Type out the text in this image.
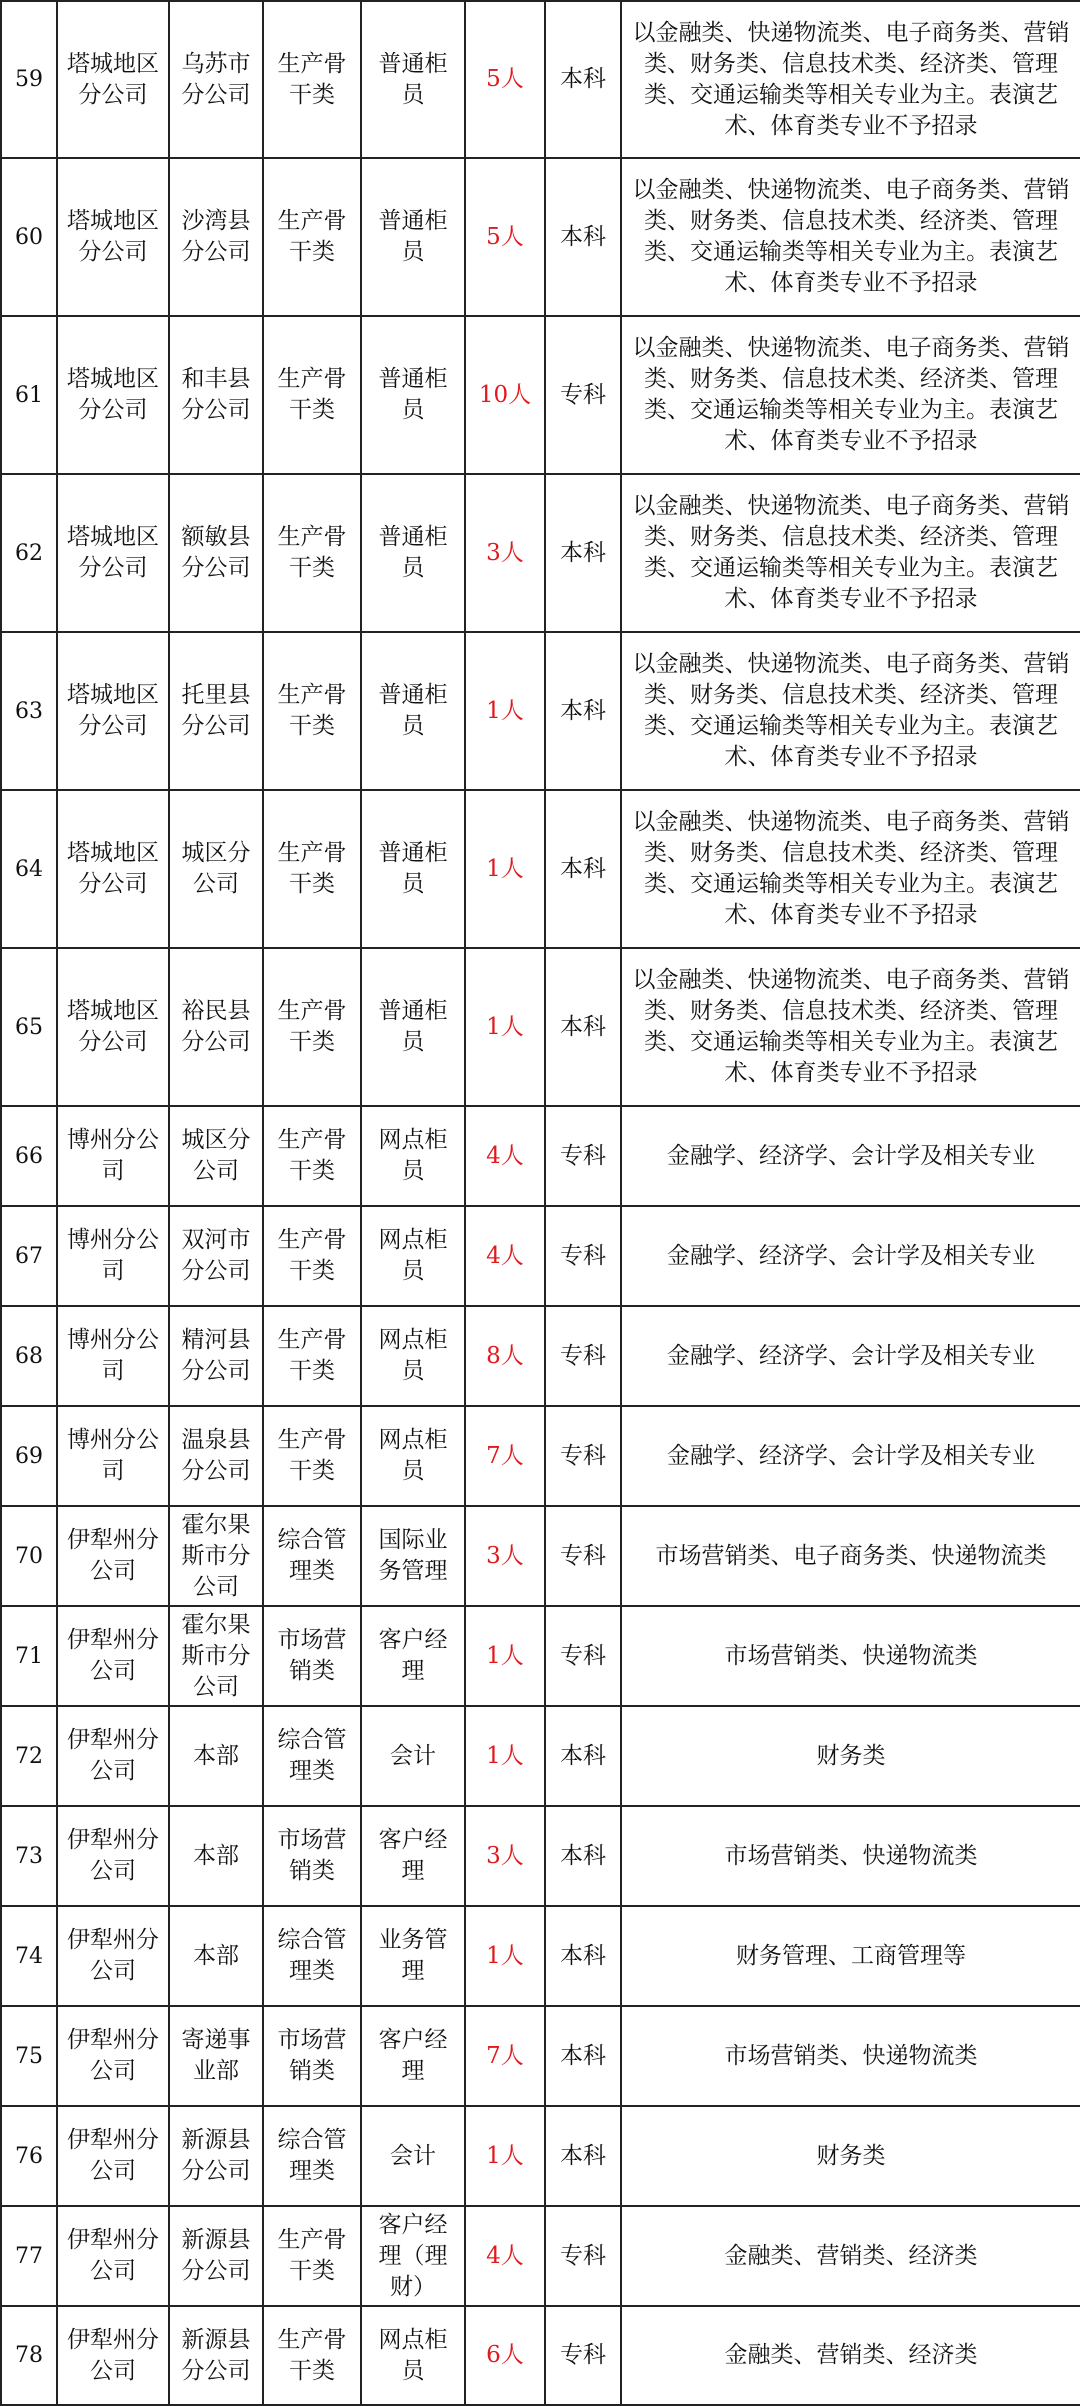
59	塔城地区分公司	乌苏市分公司	生产骨干类	普通柜员	5人	本科	以金融类、快递物流类、电子商务类、营销类、财务类、信息技术类、经济类、管理类、交通运输类等相关专业为主。表演艺术、体育类专业不予招录
60	塔城地区分公司	沙湾县分公司	生产骨干类	普通柜员	5人	本科	以金融类、快递物流类、电子商务类、营销类、财务类、信息技术类、经济类、管理类、交通运输类等相关专业为主。表演艺术、体育类专业不予招录
61	塔城地区分公司	和丰县分公司	生产骨干类	普通柜员	10人	专科	以金融类、快递物流类、电子商务类、营销类、财务类、信息技术类、经济类、管理类、交通运输类等相关专业为主。表演艺术、体育类专业不予招录
62	塔城地区分公司	额敏县分公司	生产骨干类	普通柜员	3人	本科	以金融类、快递物流类、电子商务类、营销类、财务类、信息技术类、经济类、管理类、交通运输类等相关专业为主。表演艺术、体育类专业不予招录
63	塔城地区分公司	托里县分公司	生产骨干类	普通柜员	1人	本科	以金融类、快递物流类、电子商务类、营销类、财务类、信息技术类、经济类、管理类、交通运输类等相关专业为主。表演艺术、体育类专业不予招录
64	塔城地区分公司	城区分公司	生产骨干类	普通柜员	1人	本科	以金融类、快递物流类、电子商务类、营销类、财务类、信息技术类、经济类、管理类、交通运输类等相关专业为主。表演艺术、体育类专业不予招录
65	塔城地区分公司	裕民县分公司	生产骨干类	普通柜员	1人	本科	以金融类、快递物流类、电子商务类、营销类、财务类、信息技术类、经济类、管理类、交通运输类等相关专业为主。表演艺术、体育类专业不予招录
66	博州分公司	城区分公司	生产骨干类	网点柜员	4人	专科	金融学、经济学、会计学及相关专业
67	博州分公司	双河市分公司	生产骨干类	网点柜员	4人	专科	金融学、经济学、会计学及相关专业
68	博州分公司	精河县分公司	生产骨干类	网点柜员	8人	专科	金融学、经济学、会计学及相关专业
69	博州分公司	温泉县分公司	生产骨干类	网点柜员	7人	专科	金融学、经济学、会计学及相关专业
70	伊犁州分公司	霍尔果斯市分公司	综合管理类	国际业务管理	3人	专科	市场营销类、电子商务类、快递物流类
71	伊犁州分公司	霍尔果斯市分公司	市场营销类	客户经理	1人	专科	市场营销类、快递物流类
72	伊犁州分公司	本部	综合管理类	会计	1人	本科	财务类
73	伊犁州分公司	本部	市场营销类	客户经理	3人	本科	市场营销类、快递物流类
74	伊犁州分公司	本部	综合管理类	业务管理	1人	本科	财务管理、工商管理等
75	伊犁州分公司	寄递事业部	市场营销类	客户经理	7人	本科	市场营销类、快递物流类
76	伊犁州分公司	新源县分公司	综合管理类	会计	1人	本科	财务类
77	伊犁州分公司	新源县分公司	生产骨干类	客户经理（理财）	4人	专科	金融类、营销类、经济类
78	伊犁州分公司	新源县分公司	生产骨干类	网点柜员	6人	专科	金融类、营销类、经济类
